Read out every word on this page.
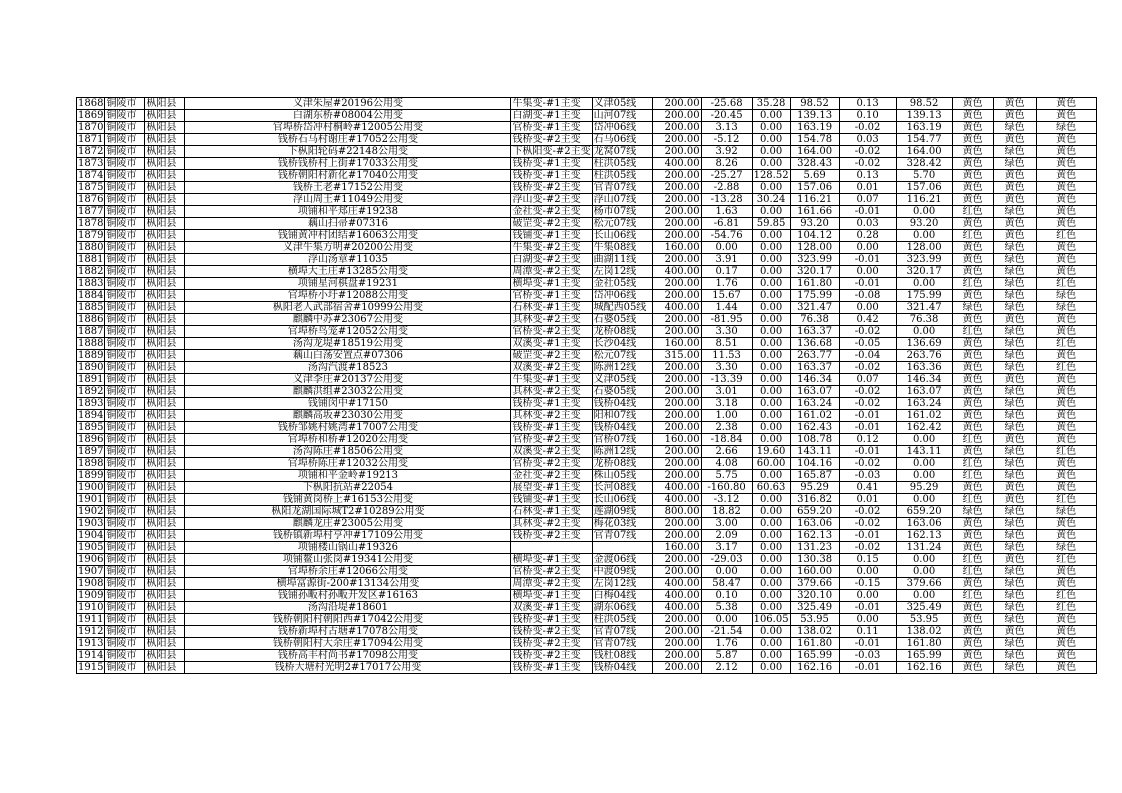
1868	铜陵市	枞阳县	义津朱屋#20196公用变	牛集变-#1主变	义津05线	200.00	-25.68	35.28	98.52	0.13	98.52	黄色	黄色	黄色
1869	铜陵市	枞阳县	白湖东桥#08004公用变	白湖变-#1主变	山河07线	200.00	-20.45	0.00	139.13	0.10	139.13	黄色	黄色	黄色
1870	铜陵市	枞阳县	官埠桥岱冲村桐岭#12005公用变	官桥变-#1主变	岱冲06线	200.00	3.13	0.00	163.19	-0.02	163.19	黄色	绿色	绿色
1871	铜陵市	枞阳县	钱桥石马村谢庄#17052公用变	钱桥变-#2主变	石马06线	200.00	-5.12	0.00	154.78	0.03	154.77	黄色	黄色	黄色
1872	铜陵市	枞阳县	下枞阳轮码#22148公用变	下枞阳变-#2主变	龙窝07线	200.00	3.92	0.00	164.00	-0.02	164.00	黄色	绿色	黄色
1873	铜陵市	枞阳县	钱桥钱桥村上街#17033公用变	钱桥变-#1主变	柱洪05线	400.00	8.26	0.00	328.43	-0.02	328.42	黄色	绿色	黄色
1874	铜陵市	枞阳县	钱桥朝阳村新化#17040公用变	钱桥变-#1主变	柱洪05线	200.00	-25.27	128.52	5.69	0.13	5.70	黄色	黄色	黄色
1875	铜陵市	枞阳县	钱桥王老#17152公用变	钱桥变-#2主变	官青07线	200.00	-2.88	0.00	157.06	0.01	157.06	黄色	黄色	黄色
1876	铜陵市	枞阳县	浮山周王#11049公用变	浮山变-#2主变	浮山07线	200.00	-13.28	30.24	116.21	0.07	116.21	黄色	黄色	黄色
1877	铜陵市	枞阳县	项铺和平郑庄#19238	金社变-#2主变	杨市07线	200.00	1.63	0.00	161.66	-0.01	0.00	红色	绿色	黄色
1878	铜陵市	枞阳县	藕山扫帚#07316	破罡变-#2主变	松元07线	200.00	-6.81	59.85	93.20	0.03	93.20	黄色	黄色	黄色
1879	铜陵市	枞阳县	钱铺黄冲村团结#16063公用变	钱铺变-#1主变	长山06线	200.00	-54.76	0.00	104.12	0.28	0.00	红色	黄色	红色
1880	铜陵市	枞阳县	义津牛集方明#20200公用变	牛集变-#2主变	牛集08线	160.00	0.00	0.00	128.00	0.00	128.00	黄色	绿色	黄色
1881	铜陵市	枞阳县	浮山汤章#11035	白湖变-#2主变	曲湖11线	200.00	3.91	0.00	323.99	-0.01	323.99	黄色	绿色	黄色
1882	铜陵市	枞阳县	横埠大王庄#13285公用变	周潭变-#2主变	左岗12线	400.00	0.17	0.00	320.17	0.00	320.17	黄色	绿色	黄色
1883	铜陵市	枞阳县	项铺星河棋盘#19231	横埠变-#1主变	金社05线	200.00	1.76	0.00	161.80	-0.01	0.00	红色	绿色	红色
1884	铜陵市	枞阳县	官埠桥小圩#12088公用变	官桥变-#1主变	岱冲06线	200.00	15.67	0.00	175.99	-0.08	175.99	黄色	绿色	绿色
1885	铜陵市	枞阳县	枞阳老人武部宿舍#10999公用变	石林变-#1主变	城配西05线	400.00	1.44	0.00	321.47	0.00	321.47	绿色	绿色	绿色
1886	铜陵市	枞阳县	麒麟中苏#23067公用变	其林变-#2主变	石婆05线	200.00	-81.95	0.00	76.38	0.42	76.38	黄色	黄色	黄色
1887	铜陵市	枞阳县	官埠桥鸟笼#12052公用变	官桥变-#2主变	龙桥08线	200.00	3.30	0.00	163.37	-0.02	0.00	红色	绿色	黄色
1888	铜陵市	枞阳县	汤沟龙堤#18519公用变	双溪变-#1主变	长沙04线	160.00	8.51	0.00	136.68	-0.05	136.69	黄色	绿色	红色
1889	铜陵市	枞阳县	藕山白荡安置点#07306	破罡变-#2主变	松元07线	315.00	11.53	0.00	263.77	-0.04	263.76	黄色	绿色	黄色
1890	铜陵市	枞阳县	汤沟汽渡#18523	双溪变-#2主变	陈洲12线	200.00	3.30	0.00	163.37	-0.02	163.36	黄色	绿色	红色
1891	铜陵市	枞阳县	义津李庄#20137公用变	牛集变-#1主变	义津05线	200.00	-13.39	0.00	146.34	0.07	146.34	黄色	黄色	黄色
1892	铜陵市	枞阳县	麒麟洪组#23032公用变	其林变-#2主变	石婆05线	200.00	3.01	0.00	163.07	-0.02	163.07	黄色	绿色	黄色
1893	铜陵市	枞阳县	钱铺闵中#17150	钱桥变-#1主变	钱桥04线	200.00	3.18	0.00	163.24	-0.02	163.24	黄色	绿色	黄色
1894	铜陵市	枞阳县	麒麟高坂#23030公用变	其林变-#2主变	阳和07线	200.00	1.00	0.00	161.02	-0.01	161.02	黄色	绿色	黄色
1895	铜陵市	枞阳县	钱桥邹姚村姚湾#17007公用变	钱桥变-#1主变	钱桥04线	200.00	2.38	0.00	162.43	-0.01	162.42	黄色	绿色	黄色
1896	铜陵市	枞阳县	官埠桥和桥#12020公用变	官桥变-#2主变	官桥07线	160.00	-18.84	0.00	108.78	0.12	0.00	红色	黄色	黄色
1897	铜陵市	枞阳县	汤沟陈庄#18506公用变	双溪变-#2主变	陈洲12线	200.00	2.66	19.60	143.11	-0.01	143.11	黄色	绿色	红色
1898	铜陵市	枞阳县	官埠桥陈庄#12032公用变	官桥变-#2主变	龙桥08线	200.00	4.08	60.00	104.16	-0.02	0.00	红色	绿色	黄色
1899	铜陵市	枞阳县	项铺和平金岭#19213	金社变-#2主变	株山05线	200.00	5.75	0.00	165.87	-0.03	0.00	红色	绿色	黄色
1900	铜陵市	枞阳县	下枞阳抗站#22054	展望变-#1主变	长河08线	400.00	-160.80	60.63	95.29	0.41	95.29	黄色	黄色	黄色
1901	铜陵市	枞阳县	钱铺黄岗桥上#16153公用变	钱铺变-#1主变	长山06线	400.00	-3.12	0.00	316.82	0.01	0.00	红色	黄色	红色
1902	铜陵市	枞阳县	枞阳龙湖国际城T2#10289公用变	石林变-#1主变	莲湖09线	800.00	18.82	0.00	659.20	-0.02	659.20	绿色	绿色	绿色
1903	铜陵市	枞阳县	麒麟龙庄#23005公用变	其林变-#2主变	梅花03线	200.00	3.00	0.00	163.06	-0.02	163.06	黄色	绿色	黄色
1904	铜陵市	枞阳县	钱桥镇新埠村亨冲#17109公用变	钱桥变-#2主变	官青07线	200.00	2.09	0.00	162.13	-0.01	162.13	黄色	绿色	黄色
1905	铜陵市	枞阳县	项铺楼山锅山#19326			160.00	3.17	0.00	131.23	-0.02	131.24	黄色	绿色	绿色
1906	铜陵市	枞阳县	项铺鳌山张岗#19341公用变	横埠变-#1主变	金渡06线	200.00	-29.03	0.00	130.38	0.15	0.00	红色	黄色	红色
1907	铜陵市	枞阳县	官埠桥余庄#12066公用变	官桥变-#2主变	中渡09线	200.00	0.00	0.00	160.00	0.00	0.00	红色	绿色	黄色
1908	铜陵市	枞阳县	横埠富源街-200#13134公用变	周潭变-#2主变	左岗12线	400.00	58.47	0.00	379.66	-0.15	379.66	黄色	绿色	黄色
1909	铜陵市	枞阳县	钱铺孙畈村孙畈开发区#16163	横埠变-#1主变	白梅04线	400.00	0.10	0.00	320.10	0.00	0.00	红色	绿色	红色
1910	铜陵市	枞阳县	汤沟沿堤#18601	双溪变-#1主变	湖东06线	400.00	5.38	0.00	325.49	-0.01	325.49	黄色	绿色	红色
1911	铜陵市	枞阳县	钱桥朝阳村朝阳西#17042公用变	钱桥变-#1主变	柱洪05线	200.00	0.00	106.05	53.95	0.00	53.95	黄色	绿色	黄色
1912	铜陵市	枞阳县	钱桥新埠村古塘#17078公用变	钱桥变-#2主变	官青07线	200.00	-21.54	0.00	138.02	0.11	138.02	黄色	黄色	黄色
1913	铜陵市	枞阳县	钱桥朝阳村大余庄#17094公用变	钱桥变-#2主变	官青07线	200.00	1.76	0.00	161.80	-0.01	161.80	黄色	绿色	黄色
1914	铜陵市	枞阳县	钱桥高丰村尚书#17098公用变	钱桥变-#2主变	钱杜08线	200.00	5.87	0.00	165.99	-0.03	165.99	黄色	绿色	黄色
1915	铜陵市	枞阳县	钱桥大塘村光明2#17017公用变	钱桥变-#1主变	钱桥04线	200.00	2.12	0.00	162.16	-0.01	162.16	黄色	绿色	黄色
